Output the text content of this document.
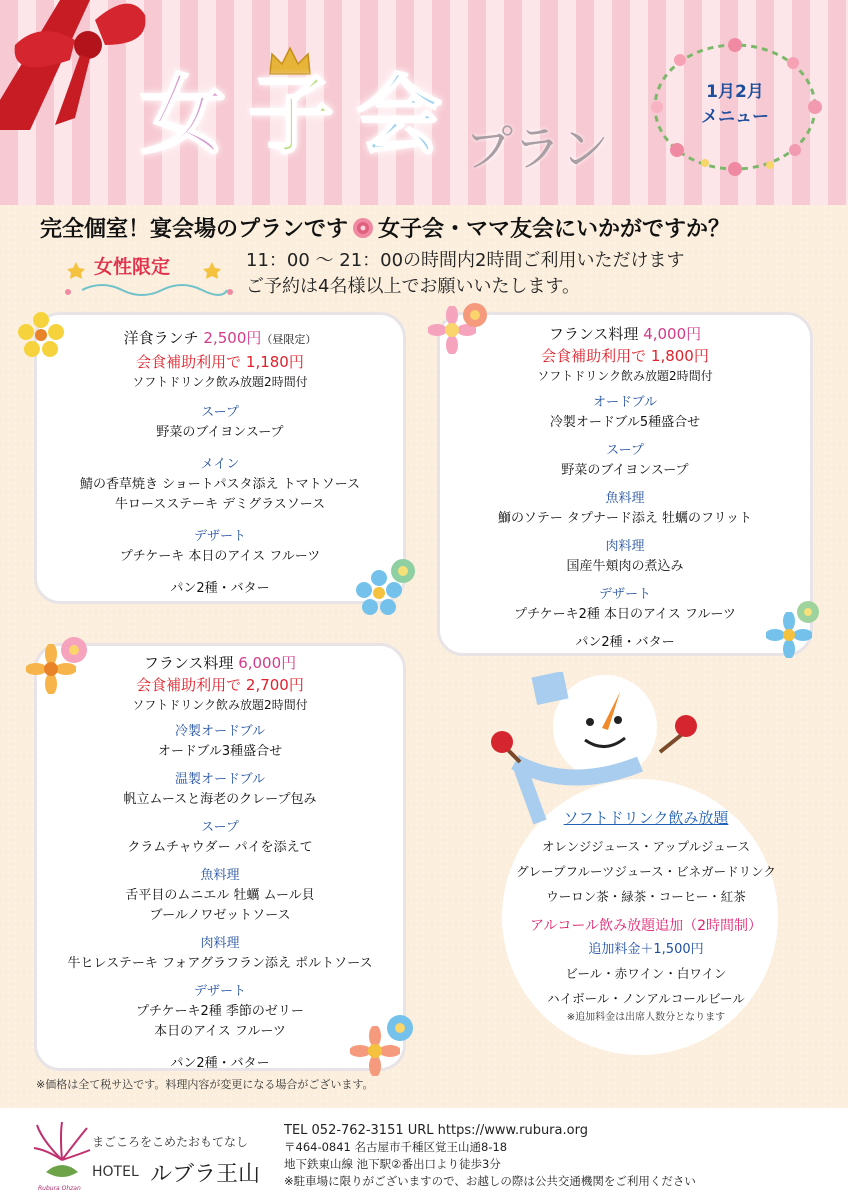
女 子 会 プラン
1月2月
メニュー
完全個室！宴会場のプランです 女子会・ママ友会にいかがですか？
女性限定	11：00 ～ 21：00の時間内2時間ご利用いただけます
ご予約は4名様以上でお願いいたします。
洋食ランチ 2,500円（昼限定）
会食補助利用で 1,180円
ソフトドリンク飲み放題2時間付
スープ
野菜のブイヨンスープ
メイン
鯖の香草焼き ショートパスタ添え トマトソース
牛ロースステーキ デミグラスソース
デザート
プチケーキ 本日のアイス フルーツ
パン2種・バター
フランス料理 4,000円
会食補助利用で 1,800円
ソフトドリンク飲み放題2時間付
オードブル
冷製オードブル5種盛合せ
スープ
野菜のブイヨンスープ
魚料理
鰤のソテー タプナード添え 牡蠣のフリット
肉料理
国産牛頬肉の煮込み
デザート
プチケーキ2種 本日のアイス フルーツ
パン2種・バター
フランス料理 6,000円
会食補助利用で 2,700円
ソフトドリンク飲み放題2時間付
冷製オードブル
オードブル3種盛合せ
温製オードブル
帆立ムースと海老のクレープ包み
スープ
クラムチャウダー パイを添えて
魚料理
舌平目のムニエル 牡蠣 ムール貝
ブールノワゼットソース
肉料理
牛ヒレステーキ フォアグラフラン添え ポルトソース
デザート
プチケーキ2種 季節のゼリー
本日のアイス フルーツ
パン2種・バター
ソフトドリンク飲み放題
オレンジジュース・アップルジュース
グレープフルーツジュース・ビネガードリンク
ウーロン茶・緑茶・コーヒー・紅茶
アルコール飲み放題追加（2時間制）
追加料金＋1,500円
ビール・赤ワイン・白ワイン
ハイボール・ノンアルコールビール
※追加料金は出席人数分となります
※価格は全て税サ込です。料理内容が変更になる場合がございます。
Rubura Ohzan
まごころをこめたおもてなし
HOTEL ルブラ王山
TEL 052-762-3151 URL https://www.rubura.org
〒464-0841 名古屋市千種区覚王山通8-18
地下鉄東山線 池下駅②番出口より徒歩3分
※駐車場に限りがございますので、お越しの際は公共交通機関をご利用ください
